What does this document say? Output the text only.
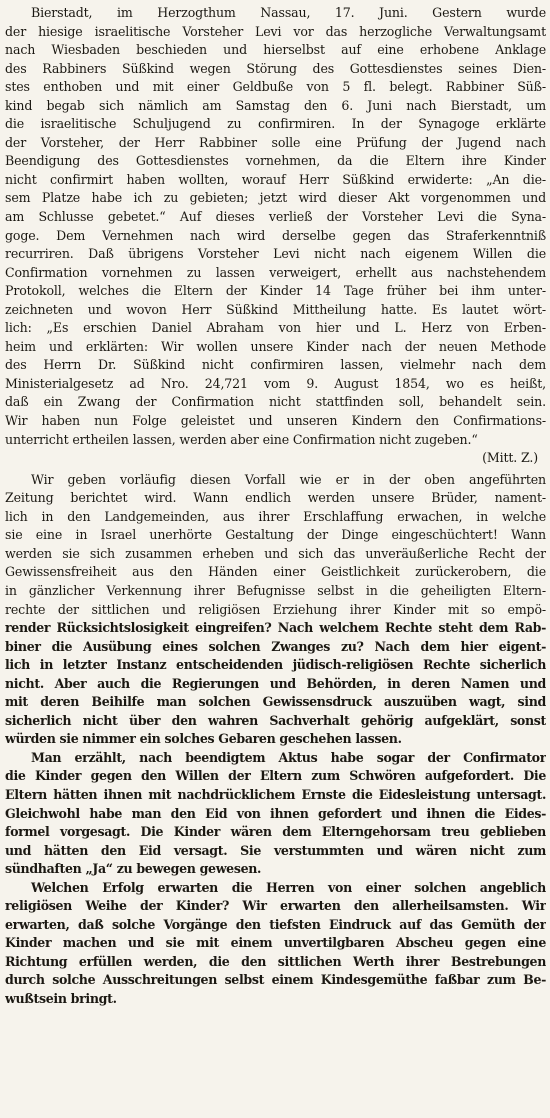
Bierstadt, im Herzogthum Nassau, 17. Juni. Gestern wurde
der hiesige israelitische Vorsteher Levi vor das herzogliche Verwaltungsamt
nach Wiesbaden beschieden und hierselbst auf eine erhobene Anklage
des Rabbiners Süßkind wegen Störung des Gottesdienstes seines Dien-
stes enthoben und mit einer Geldbuße von 5 fl. belegt. Rabbiner Süß-
kind begab sich nämlich am Samstag den 6. Juni nach Bierstadt, um
die israelitische Schuljugend zu confirmiren. In der Synagoge erklärte
der Vorsteher, der Herr Rabbiner solle eine Prüfung der Jugend nach
Beendigung des Gottesdienstes vornehmen, da die Eltern ihre Kinder
nicht confirmirt haben wollten, worauf Herr Süßkind erwiderte: „An die-
sem Platze habe ich zu gebieten; jetzt wird dieser Akt vorgenommen und
am Schlusse gebetet.“ Auf dieses verließ der Vorsteher Levi die Syna-
goge. Dem Vernehmen nach wird derselbe gegen das Straferkenntniß
recurriren. Daß übrigens Vorsteher Levi nicht nach eigenem Willen die
Confirmation vornehmen zu lassen verweigert, erhellt aus nachstehendem
Protokoll, welches die Eltern der Kinder 14 Tage früher bei ihm unter-
zeichneten und wovon Herr Süßkind Mittheilung hatte. Es lautet wört-
lich: „Es erschien Daniel Abraham von hier und L. Herz von Erben-
heim und erklärten: Wir wollen unsere Kinder nach der neuen Methode
des Herrn Dr. Süßkind nicht confirmiren lassen, vielmehr nach dem
Ministerialgesetz ad Nro. 24,721 vom 9. August 1854, wo es heißt,
daß ein Zwang der Confirmation nicht stattfinden soll, behandelt sein.
Wir haben nun Folge geleistet und unseren Kindern den Confirmations-
unterricht ertheilen lassen, werden aber eine Confirmation nicht zugeben.“
(Mitt. Z.)
Wir geben vorläufig diesen Vorfall wie er in der oben angeführten
Zeitung berichtet wird. Wann endlich werden unsere Brüder, nament-
lich in den Landgemeinden, aus ihrer Erschlaffung erwachen, in welche
sie eine in Israel unerhörte Gestaltung der Dinge eingeschüchtert! Wann
werden sie sich zusammen erheben und sich das unveräußerliche Recht der
Gewissensfreiheit aus den Händen einer Geistlichkeit zurückerobern, die
in gänzlicher Verkennung ihrer Befugnisse selbst in die geheiligten Eltern-
rechte der sittlichen und religiösen Erziehung ihrer Kinder mit so empö-
render Rücksichtslosigkeit eingreifen? Nach welchem Rechte steht dem Rab-
biner die Ausübung eines solchen Zwanges zu? Nach dem hier eigent-
lich in letzter Instanz entscheidenden jüdisch-religiösen Rechte sicherlich
nicht. Aber auch die Regierungen und Behörden, in deren Namen und
mit deren Beihilfe man solchen Gewissensdruck auszuüben wagt, sind
sicherlich nicht über den wahren Sachverhalt gehörig aufgeklärt, sonst
würden sie nimmer ein solches Gebaren geschehen lassen.
Man erzählt, nach beendigtem Aktus habe sogar der Confirmator
die Kinder gegen den Willen der Eltern zum Schwören aufgefordert. Die
Eltern hätten ihnen mit nachdrücklichem Ernste die Eidesleistung untersagt.
Gleichwohl habe man den Eid von ihnen gefordert und ihnen die Eides-
formel vorgesagt. Die Kinder wären dem Elterngehorsam treu geblieben
und hätten den Eid versagt. Sie verstummten und wären nicht zum
sündhaften „Ja“ zu bewegen gewesen.
Welchen Erfolg erwarten die Herren von einer solchen angeblich
religiösen Weihe der Kinder? Wir erwarten den allerheilsamsten. Wir
erwarten, daß solche Vorgänge den tiefsten Eindruck auf das Gemüth der
Kinder machen und sie mit einem unvertilgbaren Abscheu gegen eine
Richtung erfüllen werden, die den sittlichen Werth ihrer Bestrebungen
durch solche Ausschreitungen selbst einem Kindesgemüthe faßbar zum Be-
wußtsein bringt.
